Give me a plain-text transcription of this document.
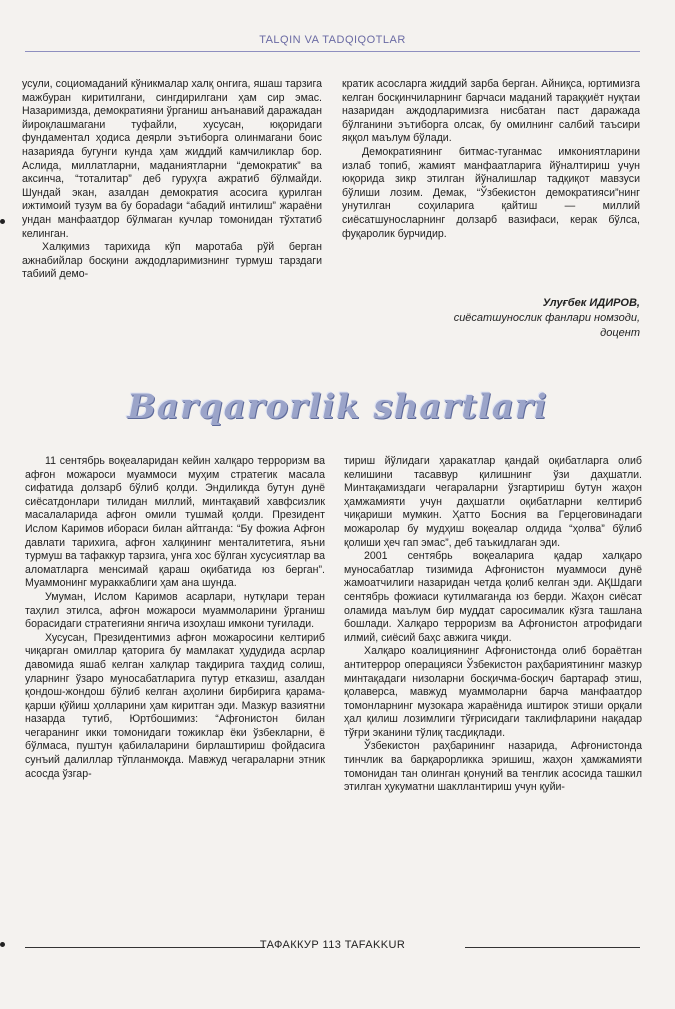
TALQIN VA TADQIQOTLAR

усули, социомаданий кўникмалар халқ онгига, яшаш тарзига мажбуран киритилгани, сингдирилгани ҳам сир эмас. Назаримизда, демократияни ўрганиш анъанавий даражадан йироқлашмагани туфайли, хусусан, юқоридаги фундаментал ҳодиса деярли эътиборга олинмагани боис назарияда бугунги кунда ҳам жиддий камчиликлар бор. Аслида, миллатларни, маданиятларни “демократик” ва аксинча, “тоталитар” деб гуруҳга ажратиб бўлмайди. Шундай экан, азалдан демократия асосига қурилган ижтимоий тузум ва бу бораdagи “абадий интилиш” жараёни ундан манфаатдор бўлмаган кучлар томонидан тўхтатиб келинган.

Халқимиз тарихида кўп маротаба рўй берган ажнабийлар босқини аждодларимизнинг турмуш тарздаги табиий демо-

кратик асосларга жиддий зарба берган. Айниқса, юртимизга келган босқинчиларнинг барчаси маданий тараққиёт нуқтаи назаридан аждодларимизга нисбатан паст даражада бўлганини эътиборга олсак, бу омилнинг салбий таъсири яққол маълум бўлади.

Демократиянинг битмас-туганмас имкониятларини излаб топиб, жамият манфаатларига йўналтириш учун юқорида зикр этилган йўналишлар тадқиқот мавзуси бўлиши лозим. Демак, “Ўзбекистон демократияси”нинг унутилган соҳиларига қайтиш — миллий сиёсатшуносларнинг долзарб вазифаси, керак бўлса, фуқаролик бурчидир.

Улуғбек ИДИРОВ,
сиёсатшунослик фанлари номзоди,
доцент
Barqarorlik shartlari

11 сентябрь воқеаларидан кейин халқаро терроризм ва афғон можароси муаммоси муҳим стратегик масала сифатида долзарб бўлиб қолди. Эндиликда бутун дунё сиёсатдонлари тилидан миллий, минтақавий хавфсизлик масалаларида афғон омили тушмай қолди. Президент Ислом Каримов ибораси билан айтганда: “Бу фожиа Афғон давлати тарихига, афғон халқининг менталитетига, яъни турмуш ва тафаккур тарзига, унга хос бўлган хусусиятлар ва аломатларга менсимай қараш оқибатида юз берган”. Муаммонинг мураккаблиги ҳам ана шунда.

Умуман, Ислом Каримов асарлари, нутқлари теран таҳлил этилса, афғон можароси муаммоларини ўрганиш борасидаги стратегияни янгича изоҳлаш имкони туғилади.

Хусусан, Президентимиз афғон можаросини келтириб чиқарган омиллар қаторига бу мамлакат ҳудудида асрлар давомида яшаб келган халқлар тақдирига таҳдид солиш, уларнинг ўзаро муносабатларига путур етказиш, азалдан қондош-жондош бўлиб келган аҳолини бирбирига қарама-қарши қўйиш ҳолларини ҳам киритган эди. Мазкур вазиятни назарда тутиб, Юртбошимиз: “Афғонистон билан чегаранинг икки томонидаги тожиклар ёки ўзбекларни, ё бўлмаса, пуштун қабилаларини бирлаштириш фойдасига сунъий далиллар тўпланмоқда. Мавжуд чегараларни этник асосда ўзгар-

тириш йўлидаги ҳаракатлар қандай оқибатларга олиб келишини тасаввур қилишнинг ўзи даҳшатли. Минтақамиздаги чегараларни ўзгартириш бутун жаҳон ҳамжамияти учун даҳшатли оқибатларни келтириб чиқариши мумкин. Ҳатто Босния ва Герцеговинадаги можаролар бу мудҳиш воқеалар олдида “ҳолва” бўлиб қолиши ҳеч гап эмас”, деб таъкидлаган эди.

2001 сентябрь воқеаларига қадар халқаро муносабатлар тизимида Афғонистон муаммоси дунё жамоатчилиги назаридан четда қолиб келган эди. АҚШдаги сентябрь фожиаси кутилмаганда юз берди. Жаҳон сиёсат оламида маълум бир муддат саросималик кўзга ташлана бошлади. Халқаро терроризм ва Афғонистон атрофидаги илмий, сиёсий баҳс авжига чиқди.

Халқаро коалициянинг Афғонистонда олиб бораётган антитеррор операцияси Ўзбекистон раҳбариятининг мазкур минтақадаги низоларни босқичма-босқич бартараф этиш, қолаверса, мавжуд муаммоларни барча манфаатдор томонларнинг музокара жараёнида иштирок этиши орқали ҳал қилиш лозимлиги тўғрисидаги таклифларини нақадар тўғри эканини тўлиқ тасдиқлади.

Ўзбекистон раҳбарининг назарида, Афғонистонда тинчлик ва барқарорликка эришиш, жаҳон ҳамжамияти томонидан тан олинган қонуний ва тенглик асосида ташкил этилган ҳукуматни шакллантириш учун қуйи-

ТАФАККУР 113 TAFAKKUR
